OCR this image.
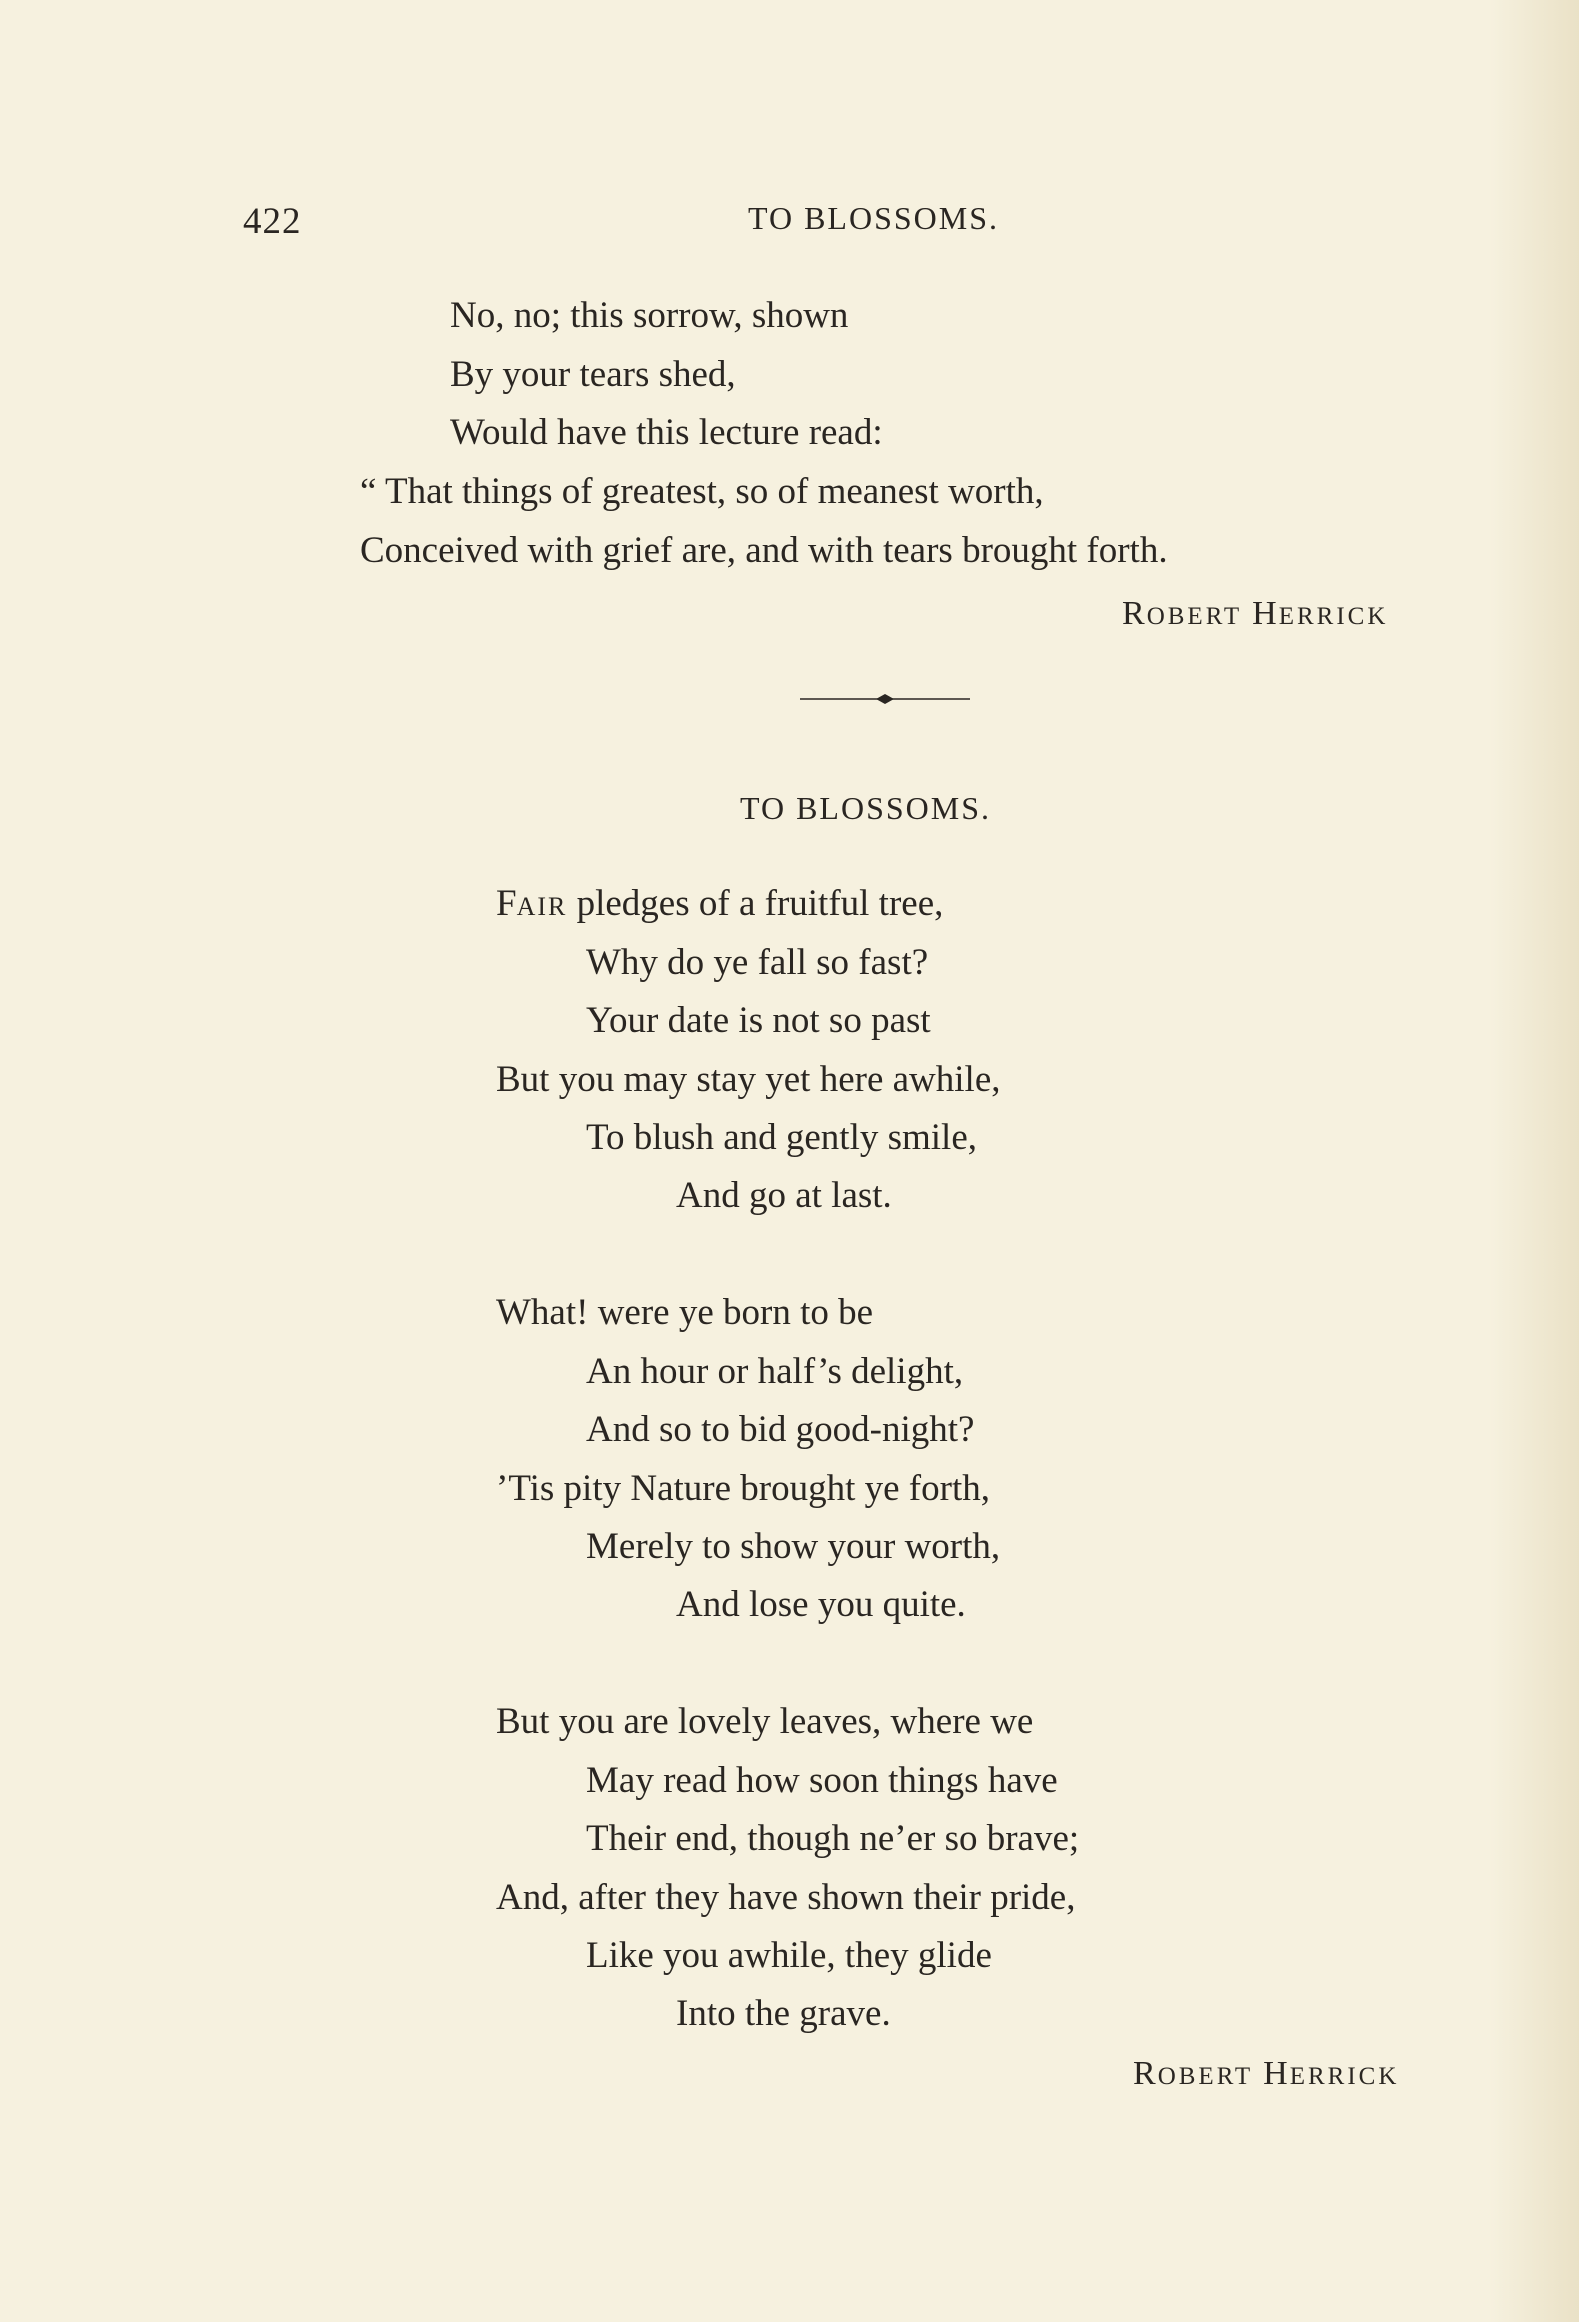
422	TO BLOSSOMS.
No, no; this sorrow, shown
By your tears shed,
Would have this lecture read:
“ That things of greatest, so of meanest worth,
Conceived with grief are, and with tears brought forth.
ROBERT HERRICK
TO BLOSSOMS.
FAIR pledges of a fruitful tree,
Why do ye fall so fast?
Your date is not so past
But you may stay yet here awhile,
To blush and gently smile,
And go at last.
What! were ye born to be
An hour or half’s delight,
And so to bid good-night?
’Tis pity Nature brought ye forth,
Merely to show your worth,
And lose you quite.
But you are lovely leaves, where we
May read how soon things have
Their end, though ne’er so brave;
And, after they have shown their pride,
Like you awhile, they glide
Into the grave.
ROBERT HERRICK
